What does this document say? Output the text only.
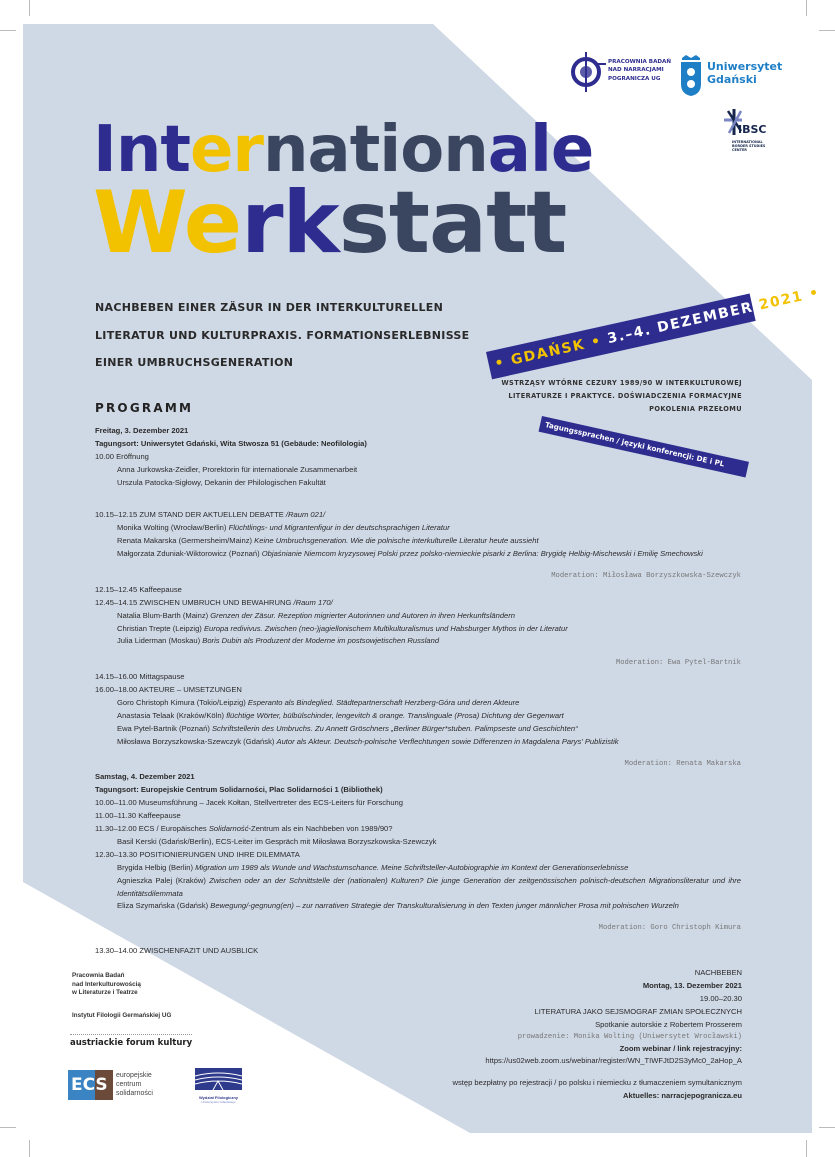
PRACOWNIA BADAŃ
NAD NARRACJAMI
POGRANICZA UG
Uniwersytet
Gdański
IBSC
INTERNATIONAL
BORDER STUDIES
CENTER
Internationale
Werkstatt
NACHBEBEN EINER ZÄSUR IN DER INTERKULTURELLEN
LITERATUR UND KULTURPRAXIS. FORMATIONSERLEBNISSE
EINER UMBRUCHSGENERATION	• GDAŃSK • 3.–4. DEZEMBER 2021 •
WSTRZĄSY WTÓRNE CEZURY 1989/90 W INTERKULTUROWEJ
LITERATURZE I PRAKTYCE. DOŚWIADCZENIA FORMACYJNE
POKOLENIA PRZEŁOMU
Tagungssprachen / języki konferencji: DE i PL
PROGRAMM
Freitag, 3. Dezember 2021
Tagungsort: Uniwersytet Gdański, Wita Stwosza 51 (Gebäude: Neofilologia)
10.00 Eröffnung
Anna Jurkowska-Zeidler, Prorektorin für internationale Zusammenarbeit
Urszula Patocka-Sigłowy, Dekanin der Philologischen Fakultät
10.15–12.15 ZUM STAND DER AKTUELLEN DEBATTE /Raum 021/
Monika Wolting (Wrocław/Berlin) Flüchtlings- und Migrantenfigur in der deutschsprachigen Literatur
Renata Makarska (Germersheim/Mainz) Keine Umbruchsgeneration. Wie die polnische interkulturelle Literatur heute aussieht
Małgorzata Zduniak-Wiktorowicz (Poznań) Objaśnianie Niemcom kryzysowej Polski przez polsko-niemieckie pisarki z Berlina: Brygidę Helbig-Mischewski i Emilię Smechowski
Moderation: Miłosława Borzyszkowska-Szewczyk
12.15–12.45 Kaffeepause
12.45–14.15 ZWISCHEN UMBRUCH UND BEWAHRUNG /Raum 170/
Natalia Blum-Barth (Mainz) Grenzen der Zäsur. Rezeption migrierter Autorinnen und Autoren in ihren Herkunftsländern
Christian Trepte (Leipzig) Europa redivivus. Zwischen (neo-)jagiellonischem Multikulturalismus und Habsburger Mythos in der Literatur
Julia Liderman (Moskau) Boris Dubin als Produzent der Moderne im postsowjetischen Russland
Moderation: Ewa Pytel-Bartnik
14.15–16.00 Mittagspause
16.00–18.00 AKTEURE – UMSETZUNGEN
Goro Christoph Kimura (Tokio/Leipzig) Esperanto als Bindeglied. Städtepartnerschaft Herzberg-Góra und deren Akteure
Anastasia Telaak (Kraków/Köln) flüchtige Wörter, bülbülschinder, lengevitch & orange. Translinguale (Prosa) Dichtung der Gegenwart
Ewa Pytel-Bartnik (Poznań) Schriftstellerin des Umbruchs. Zu Annett Gröschners „Berliner Bürger*stuben. Palimpseste und Geschichten“
Miłosława Borzyszkowska-Szewczyk (Gdańsk) Autor als Akteur. Deutsch-polnische Verflechtungen sowie Differenzen in Magdalena Parys' Publizistik
Moderation: Renata Makarska
Samstag, 4. Dezember 2021
Tagungsort: Europejskie Centrum Solidarności, Plac Solidarności 1 (Bibliothek)
10.00–11.00 Museumsführung – Jacek Kołtan, Stellvertreter des ECS-Leiters für Forschung
11.00–11.30 Kaffeepause
11.30–12.00 ECS / Europäisches Solidarność-Zentrum als ein Nachbeben von 1989/90?
Basil Kerski (Gdańsk/Berlin), ECS-Leiter im Gespräch mit Miłosława Borzyszkowska-Szewczyk
12.30–13.30 POSITIONIERUNGEN UND IHRE DILEMMATA
Brygida Helbig (Berlin) Migration um 1989 als Wunde und Wachstumschance. Meine Schriftsteller-Autobiographie im Kontext der Generationserlebnisse
Agnieszka Palej (Kraków) Zwischen oder an der Schnittstelle der (nationalen) Kulturen? Die junge Generation der zeitgenössischen polnisch-deutschen Migrationsliteratur und ihre Identitätsdilemmata
Eliza Szymańska (Gdańsk) Bewegung/-gegnung(en) – zur narrativen Strategie der Transkulturalisierung in den Texten junger männlicher Prosa mit polnischen Wurzeln
Moderation: Goro Christoph Kimura
13.30–14.00 ZWISCHENFAZIT UND AUSBLICK
Pracownia Badań
nad Interkulturowością
w Literaturze i Teatrze
Instytut Filologii Germańskiej UG
austriackie forum kultury
ECS	europejskie
centrum
solidarności
Wydział Filologiczny
Uniwersytetu Gdańskiego
NACHBEBEN
Montag, 13. Dezember 2021
19.00–20.30
LITERATURA JAKO SEJSMOGRAF ZMIAN SPOŁECZNYCH
Spotkanie autorskie z Robertem Prosserem
prowadzenie: Monika Wolting (Uniwersytet Wrocławski)
Zoom webinar / link rejestracyjny:
https://us02web.zoom.us/webinar/register/WN_TIWFJtD2S3yMc0_2aHop_A
wstęp bezpłatny po rejestracji / po polsku i niemiecku z tłumaczeniem symultanicznym
Aktuelles: narracjepogranicza.eu
